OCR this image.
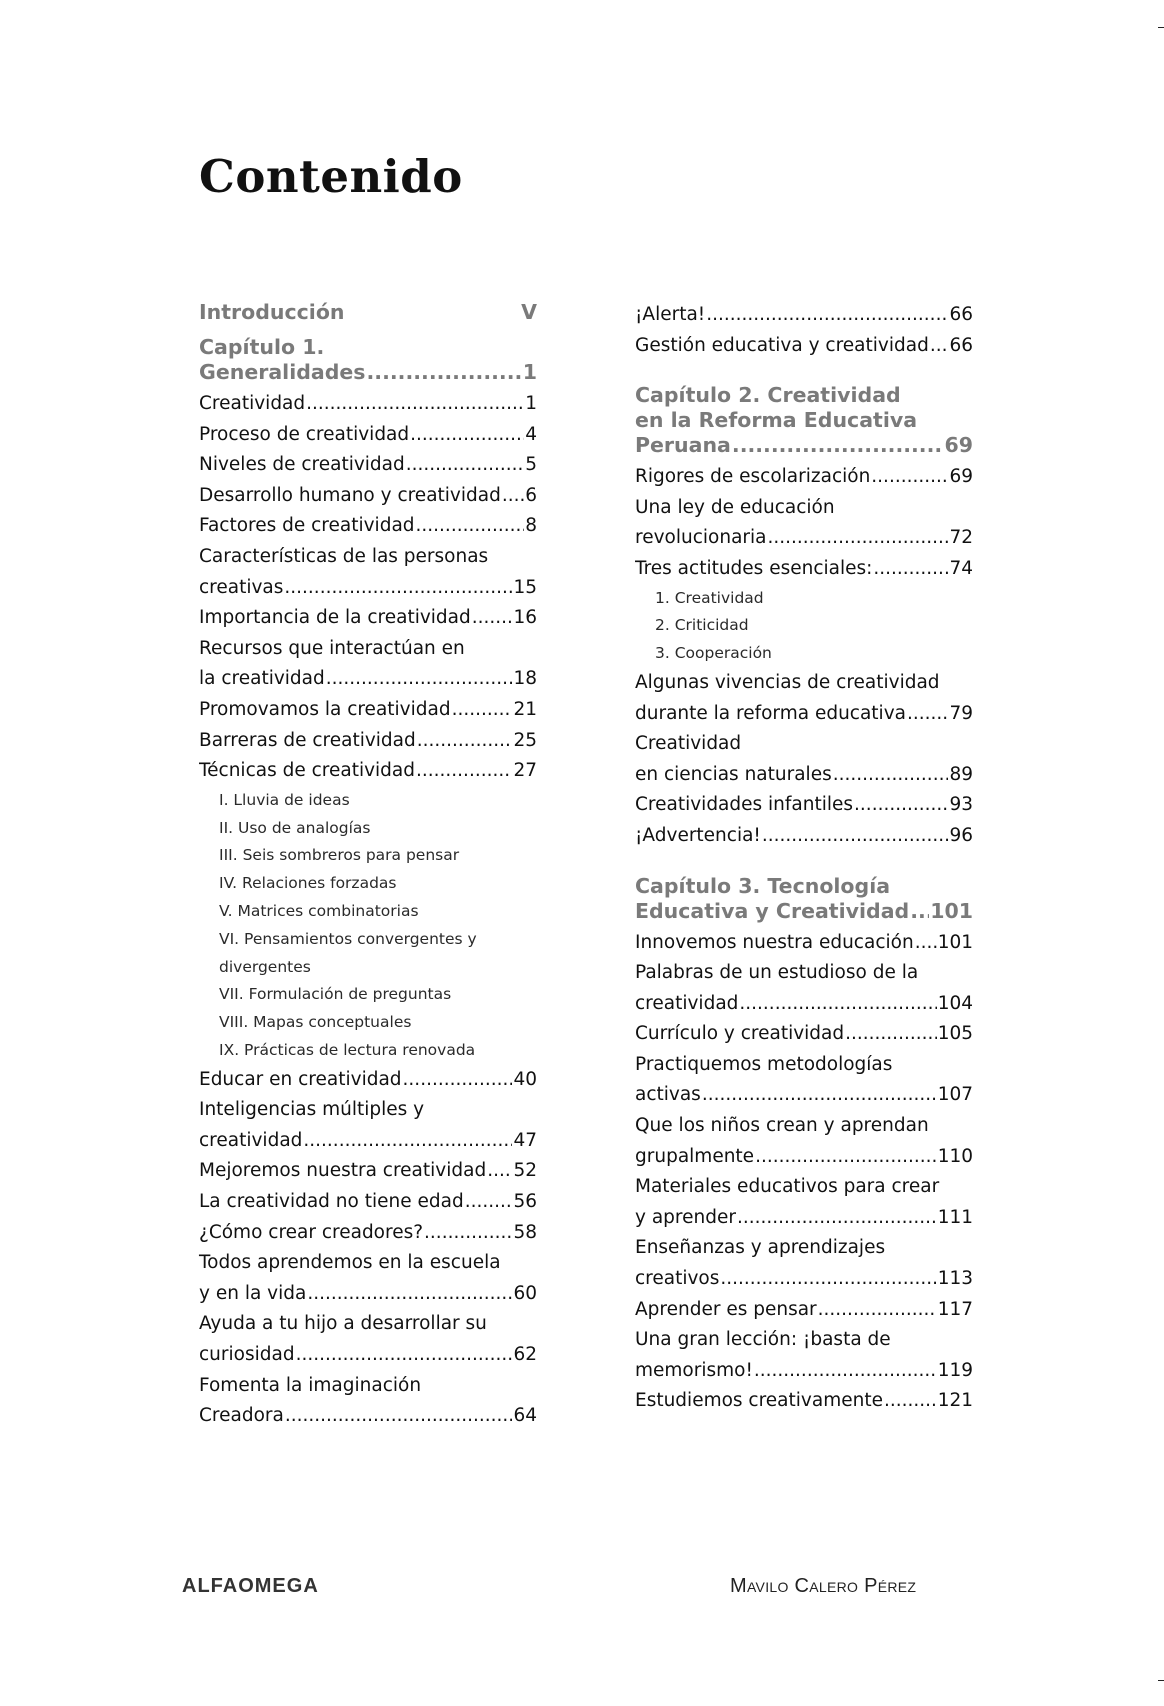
Contenido
Introducción	V
Capítulo 1.
Generalidades .....	1
Creatividad .....	1
Proceso de creatividad .....	4
Niveles de creatividad .....	5
Desarrollo humano y creatividad ..... 6
Factores de creatividad .....	8
Características de las personas
creativas .....	15
Importancia de la creatividad ..... 16
Recursos que interactúan en
la creatividad .....	18
Promovamos la creatividad .....	21
Barreras de creatividad .....	25
Técnicas de creatividad .....	27
I. Lluvia de ideas
II. Uso de analogías
III. Seis sombreros para pensar
IV. Relaciones forzadas
V. Matrices combinatorias
VI. Pensamientos convergentes y
divergentes
VII. Formulación de preguntas
VIII. Mapas conceptuales
IX. Prácticas de lectura renovada
Educar en creatividad .....	40
Inteligencias múltiples y
creatividad .....	47
Mejoremos nuestra creatividad ..... 52
La creatividad no tiene edad .....	56
¿Cómo crear creadores? .....	58
Todos aprendemos en la escuela
y en la vida .....	60
Ayuda a tu hijo a desarrollar su
curiosidad .....	62
Fomenta la imaginación
Creadora .....	64
¡Alerta! .....	66
Gestión educativa y creatividad ..... 66
Capítulo 2. Creatividad
en la Reforma Educativa
Peruana .....	69
Rigores de escolarización .....	69
Una ley de educación
revolucionaria .....	72
Tres actitudes esenciales: .....	74
1. Creatividad
2. Criticidad
3. Cooperación
Algunas vivencias de creatividad
durante la reforma educativa ..... 79
Creatividad
en ciencias naturales .....	89
Creatividades infantiles .....	93
¡Advertencia! .....	96
Capítulo 3. Tecnología
Educativa y Creatividad ..... 101
Innovemos nuestra educación ..... 101
Palabras de un estudioso de la
creatividad .....	104
Currículo y creatividad .....	105
Practiquemos metodologías
activas .....	107
Que los niños crean y aprendan
grupalmente .....	110
Materiales educativos para crear
y aprender .....	111
Enseñanzas y aprendizajes
creativos .....	113
Aprender es pensar .....	117
Una gran lección: ¡basta de
memorismo! .....	119
Estudiemos creativamente .....	121
ALFAOMEGA	Mavilo Calero Pérez
